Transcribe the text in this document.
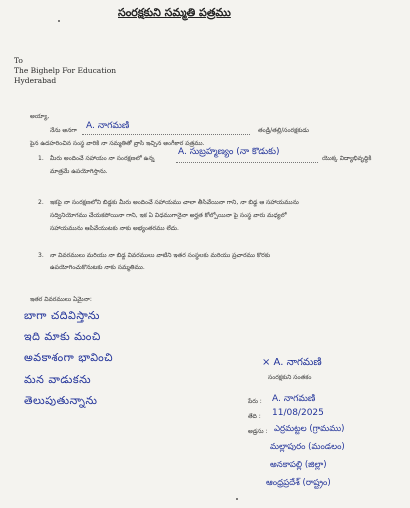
సంరక్షకుని సమ్మతి పత్రము
To
The Bighelp For Education
Hyderabad
అయ్యా,
నేను అనగా A. నాగమణి	తండ్రి/తల్లి/సంరక్షకుడు
పైన ఉదహరించిన సంస్థ వారికి నా సమ్మతితో వ్రాసి ఇచ్చిన అంగీకార పత్రము.
1. మీరు అందించే సహాయం నా సంరక్షణలో ఉన్న
A. సుబ్రహ్మణ్యం (నా కొడుకు)
యొక్క విద్యాభివృద్ధికి
మాత్రమే ఉపయోగిస్తాను.
2. ఇకపై నా సంరక్షణలోని బిడ్డకు మీరు అందించే సహాయము చాలా తీసివేయినా గాని, నా బిడ్డ ఆ సహాయమును
సద్వినియోగము చేయకపోయినా గాని, ఇక ఏ విధముగానైనా అర్హత కోల్పోయినా పై సంస్థ వారు మధ్యలో
సహాయమును ఆపివేయుటకు నాకు అభ్యంతరము లేదు.
3. నా వివరములు మరియు నా బిడ్డ వివరములు వాటిని ఇతర సంస్థలకు మరియు ప్రచారము కొరకు
ఉపయోగించుకొనుటకు నాకు సమ్మతిము.
ఇతర వివరములు ఏమైనా:
బాగా చదివిస్తాను
ఇది మాకు మంచి
అవకాశంగా భావించి
మన వాడుకను
తెలుపుతున్నాను
× A. నాగమణి
సంరక్షకుని సంతకం
పేరు : A. నాగమణి
తేది : 11/08/2025
అడ్రసు : ఎర్రమట్టల (గ్రామము)
మల్లాపురం (మండలం)
అనకాపల్లి (జిల్లా)
ఆంధ్రప్రదేశ్ (రాష్ట్రం)
